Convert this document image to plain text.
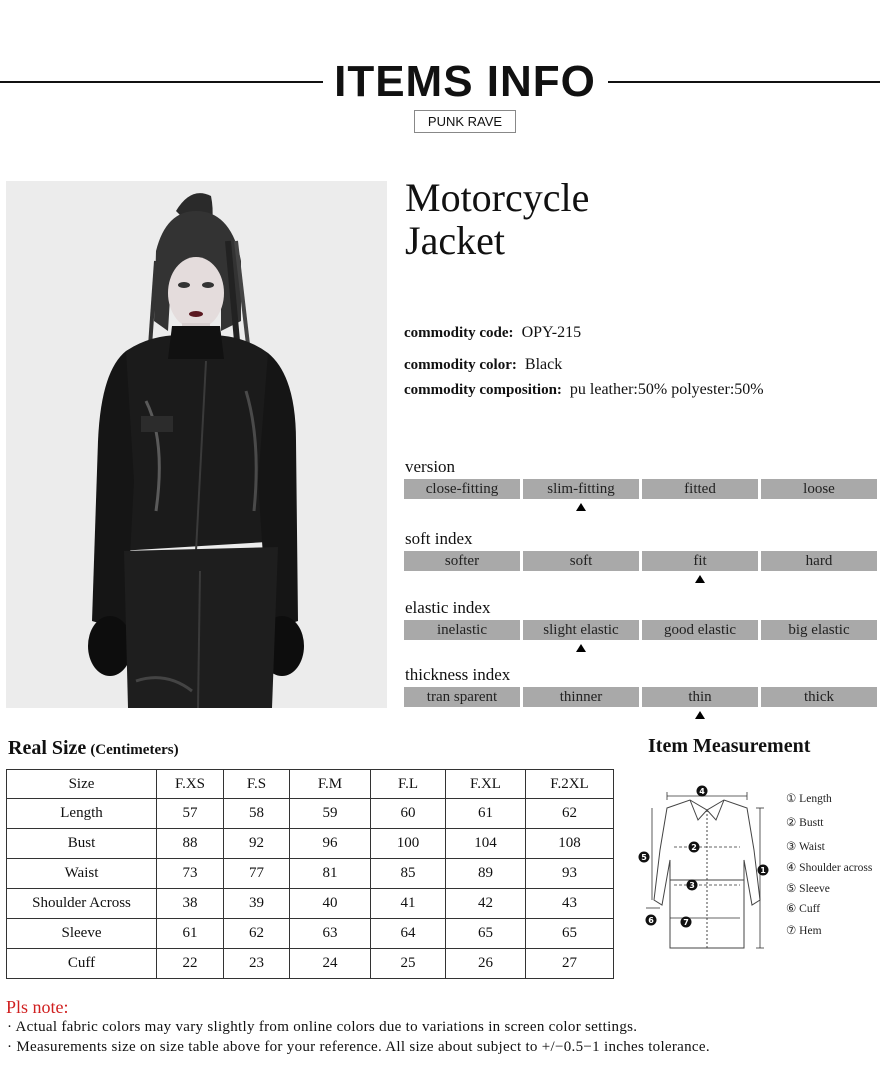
ITEMS INFO
PUNK RAVE
Motorcycle
Jacket
commodity code: OPY-215
commodity color: Black
commodity composition: pu leather:50% polyester:50%
version
close-fitting	slim-fitting	fitted	loose
soft index
softer	soft	fit	hard
elastic index
inelastic	slight elastic	good elastic	big elastic
thickness index
tran sparent	thinner	thin	thick
Real Size (Centimeters)
Size	F.XS	F.S	F.M	F.L	F.XL	F.2XL
Length	57	58	59	60	61	62
Bust	88	92	96	100	104	108
Waist	73	77	81	85	89	93
Shoulder Across	38	39	40	41	42	43
Sleeve	61	62	63	64	65	65
Cuff	22	23	24	25	26	27
Item Measurement
1
2
3
4
5
6	7
① Length
② Bustt
③ Waist
④ Shoulder across
⑤ Sleeve
⑥ Cuff
⑦ Hem
Pls note:
· Actual fabric colors may vary slightly from online colors due to variations in screen color settings.
· Measurements size on size table above for your reference. All size about subject to +/−0.5−1 inches tolerance.
